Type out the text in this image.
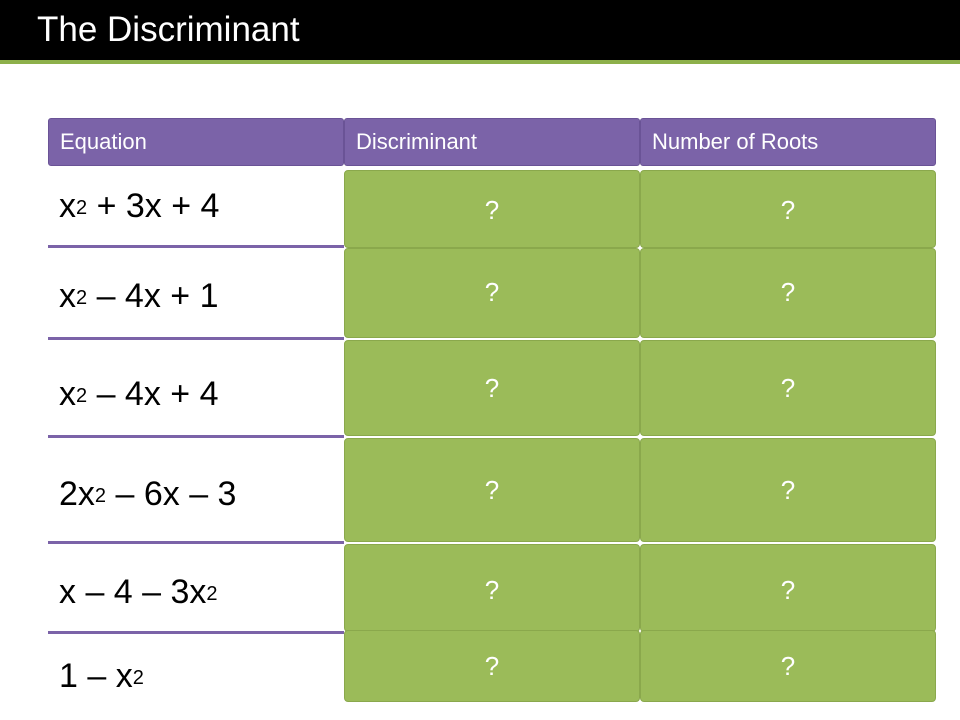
The Discriminant
Equation	Discriminant	Number of Roots
$x^2 + 3x + 4$	?	?
$x^2 - 4x + 1$	?	?
$x^2 - 4x + 4$	?	?
$2x^2 - 6x - 3$	?	?
x – $4 - 3x^2$	?	?
$1 - x^2$	?	?
